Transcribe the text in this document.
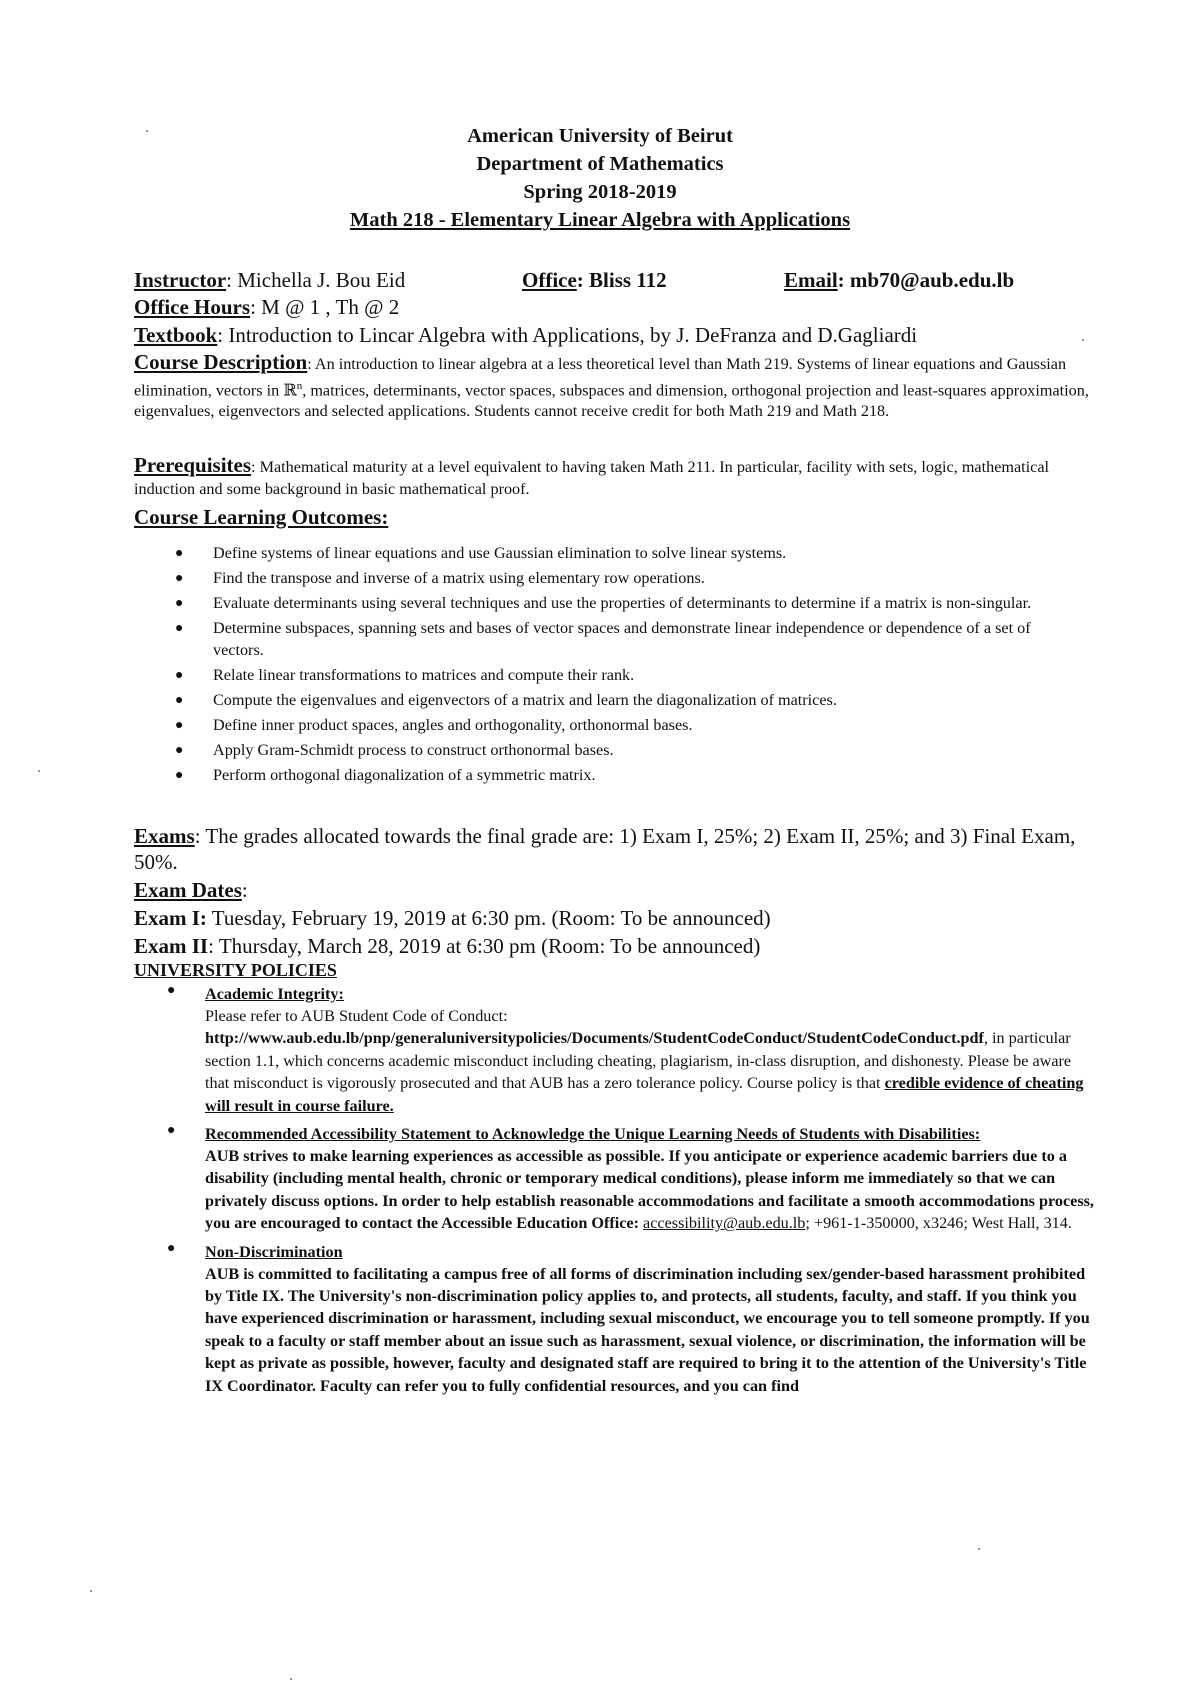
American University of Beirut
Department of Mathematics
Spring 2018-2019
Math 218 - Elementary Linear Algebra with Applications
Instructor: Michella J. Bou Eid	Office: Bliss 112	Email: mb70@aub.edu.lb
Office Hours: M @ 1 , Th @ 2
Textbook: Introduction to Lincar Algebra with Applications, by J. DeFranza and D.Gagliardi
Course Description: An introduction to linear algebra at a less theoretical level than Math 219. Systems of linear equations and Gaussian elimination, vectors in ℝ$^n$, matrices, determinants, vector spaces, subspaces and dimension, orthogonal projection and least-squares approximation, eigenvalues, eigenvectors and selected applications. Students cannot receive credit for both Math 219 and Math 218.
Prerequisites: Mathematical maturity at a level equivalent to having taken Math 211. In particular, facility with sets, logic, mathematical induction and some background in basic mathematical proof.
Course Learning Outcomes:
● Define systems of linear equations and use Gaussian elimination to solve linear systems.
● Find the transpose and inverse of a matrix using elementary row operations.
● Evaluate determinants using several techniques and use the properties of determinants to determine if a matrix is non-singular.
● Determine subspaces, spanning sets and bases of vector spaces and demonstrate linear independence or dependence of a set of vectors.
● Relate linear transformations to matrices and compute their rank.
● Compute the eigenvalues and eigenvectors of a matrix and learn the diagonalization of matrices.
● Define inner product spaces, angles and orthogonality, orthonormal bases.
● Apply Gram-Schmidt process to construct orthonormal bases.
● Perform orthogonal diagonalization of a symmetric matrix.
Exams: The grades allocated towards the final grade are: 1) Exam I, 25%; 2) Exam II, 25%; and 3) Final Exam, 50%.
Exam Dates:
Exam I: Tuesday, February 19, 2019 at 6:30 pm. (Room: To be announced)
Exam II: Thursday, March 28, 2019 at 6:30 pm (Room: To be announced)
UNIVERSITY POLICIES
● Academic Integrity:
Please refer to AUB Student Code of Conduct:
http://www.aub.edu.lb/pnp/generaluniversitypolicies/Documents/StudentCodeConduct/StudentCodeConduct.pdf, in particular section 1.1, which concerns academic misconduct including cheating, plagiarism, in-class disruption, and dishonesty. Please be aware that misconduct is vigorously prosecuted and that AUB has a zero tolerance policy. Course policy is that credible evidence of cheating will result in course failure.
● Recommended Accessibility Statement to Acknowledge the Unique Learning Needs of Students with Disabilities:
AUB strives to make learning experiences as accessible as possible. If you anticipate or experience academic barriers due to a disability (including mental health, chronic or temporary medical conditions), please inform me immediately so that we can privately discuss options. In order to help establish reasonable accommodations and facilitate a smooth accommodations process, you are encouraged to contact the Accessible Education Office: accessibility@aub.edu.lb; +961-1-350000, x3246; West Hall, 314.
● Non-Discrimination
AUB is committed to facilitating a campus free of all forms of discrimination including sex/gender-based harassment prohibited by Title IX. The University's non-discrimination policy applies to, and protects, all students, faculty, and staff. If you think you have experienced discrimination or harassment, including sexual misconduct, we encourage you to tell someone promptly. If you speak to a faculty or staff member about an issue such as harassment, sexual violence, or discrimination, the information will be kept as private as possible, however, faculty and designated staff are required to bring it to the attention of the University's Title IX Coordinator. Faculty can refer you to fully confidential resources, and you can find
